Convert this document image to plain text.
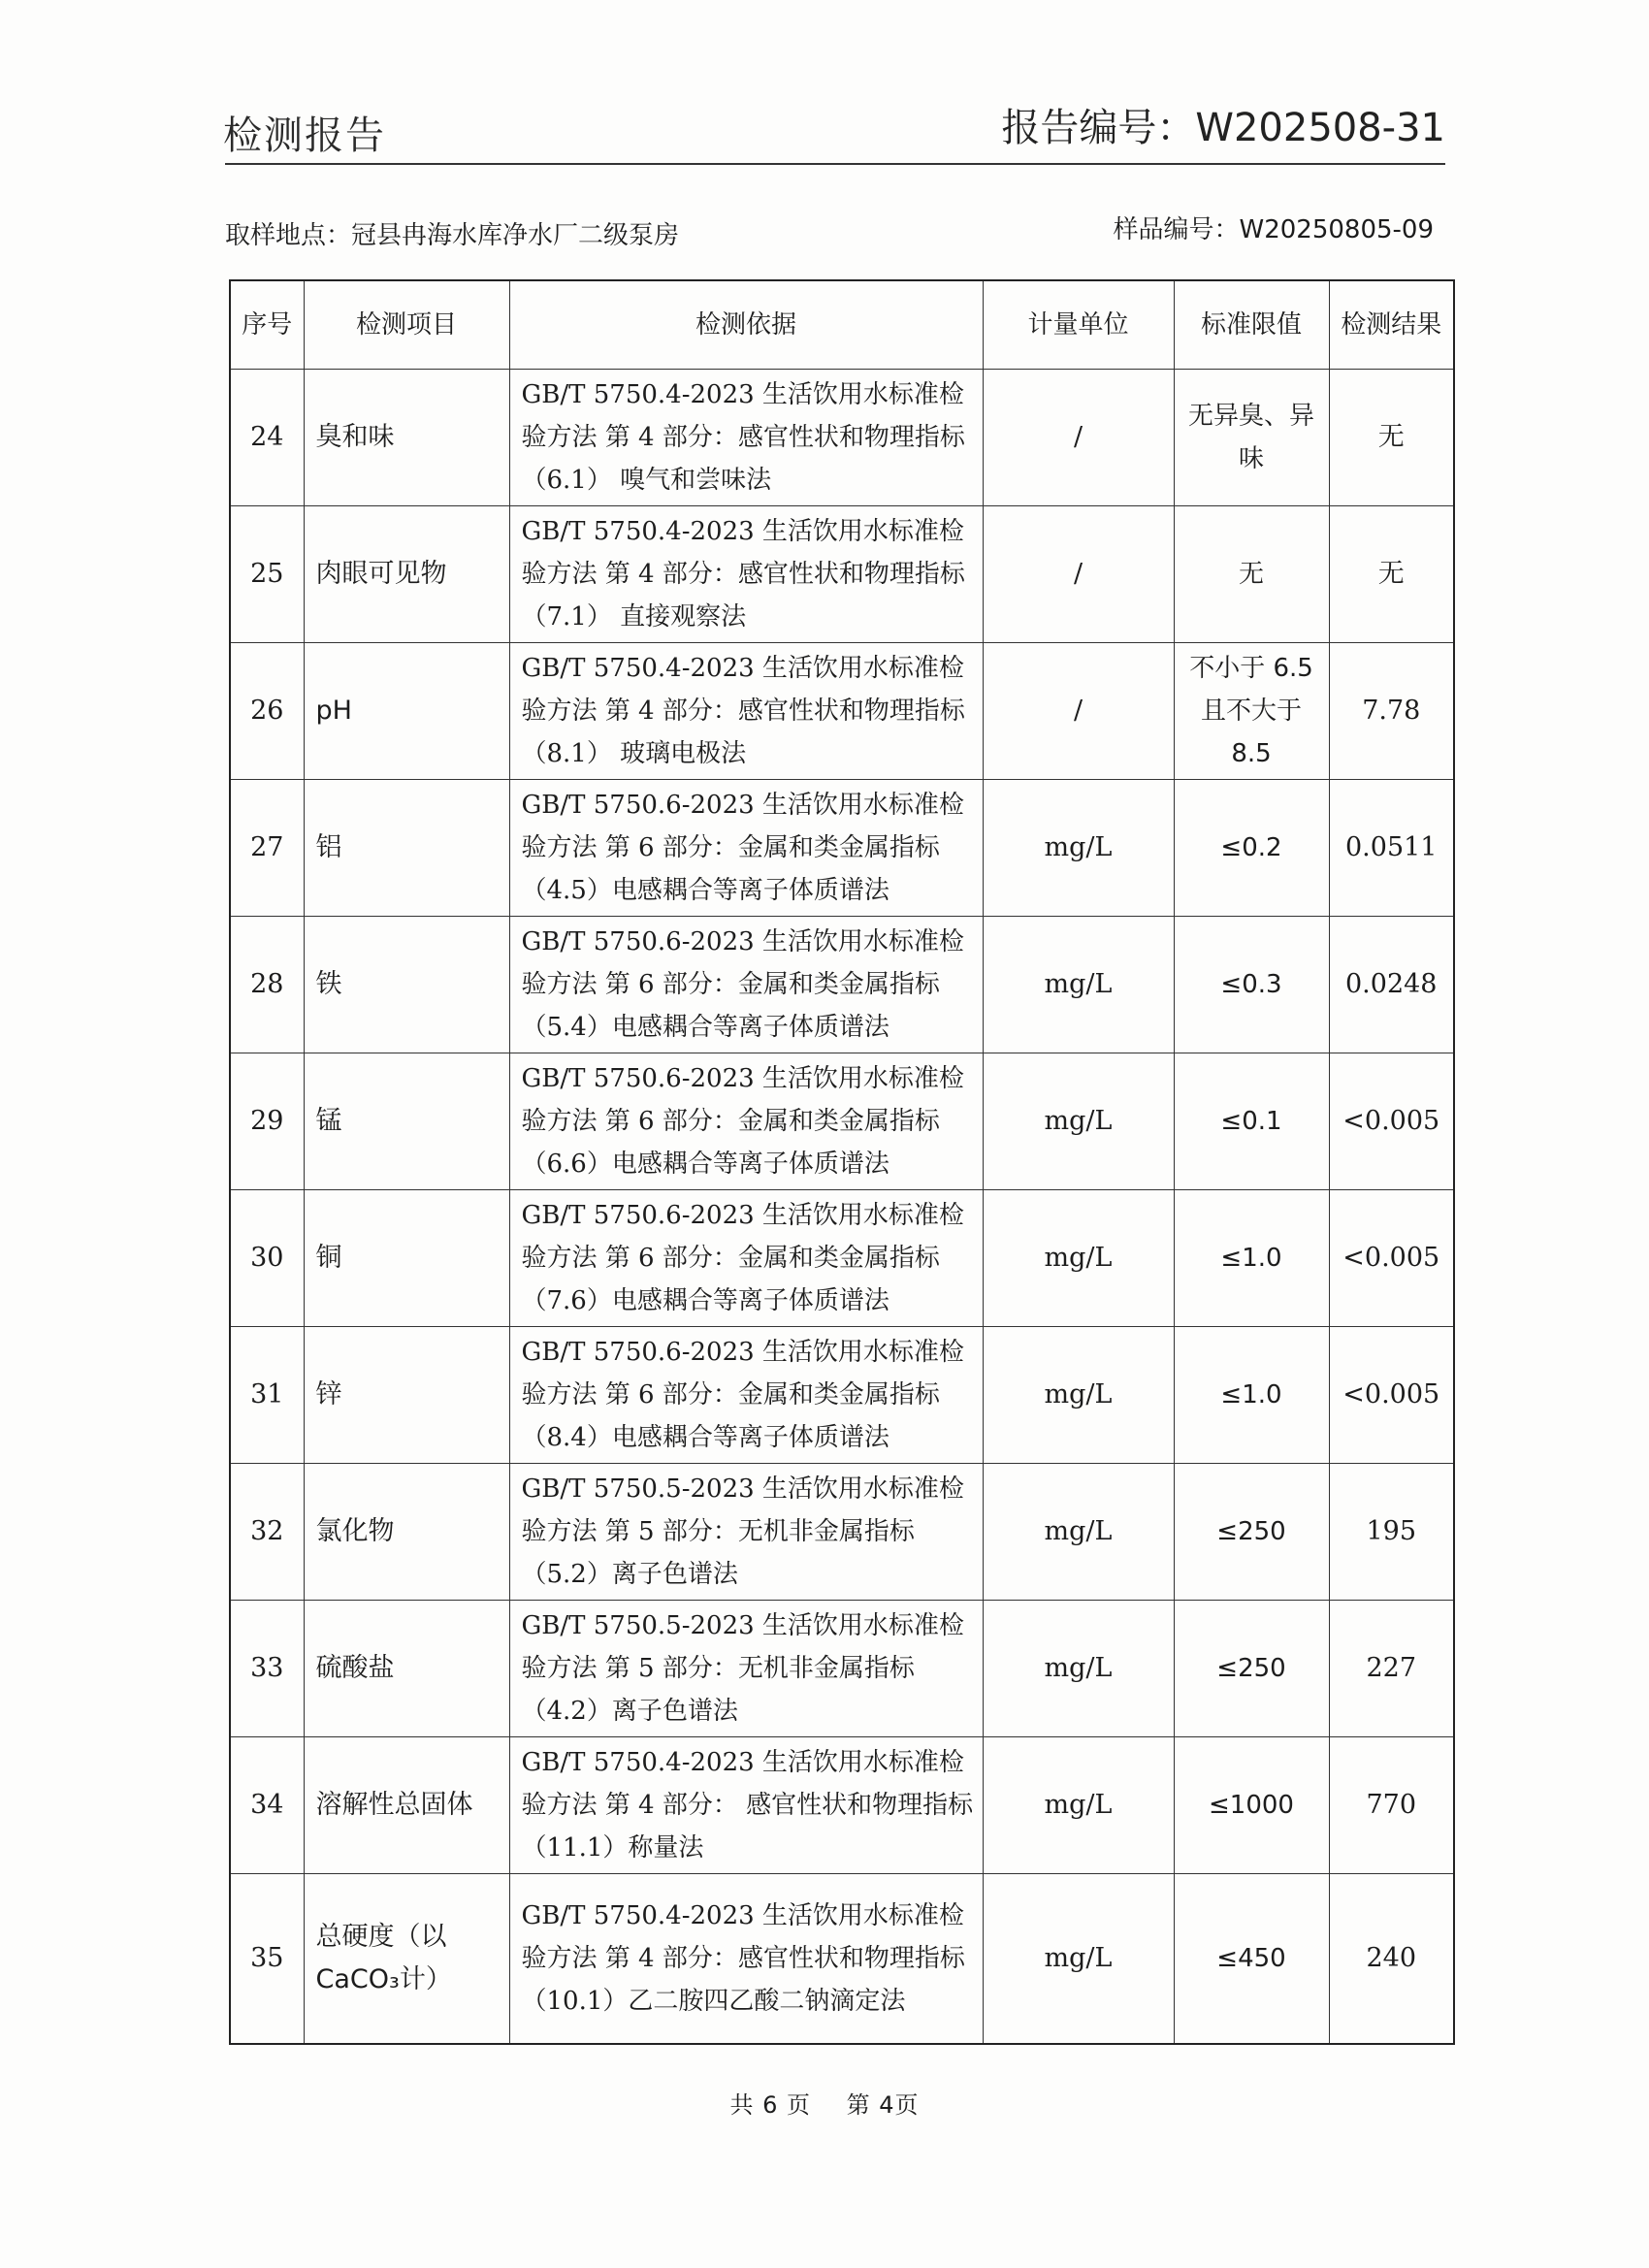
检测报告	报告编号：W202508-31
取样地点：冠县冉海水库净水厂二级泵房	样品编号：W20250805-09
序号	检测项目	检测依据	计量单位	标准限值	检测结果
24	臭和味	GB/T 5750.4-2023 生活饮用水标准检验方法 第 4 部分：感官性状和物理指标（6.1） 嗅气和尝味法	/	无异臭、异味	无
25	肉眼可见物	GB/T 5750.4-2023 生活饮用水标准检验方法 第 4 部分：感官性状和物理指标（7.1） 直接观察法	/	无	无
26	pH	GB/T 5750.4-2023 生活饮用水标准检验方法 第 4 部分：感官性状和物理指标（8.1） 玻璃电极法	/	不小于 6.5 且不大于 8.5	7.78
27	铝	GB/T 5750.6-2023 生活饮用水标准检验方法 第 6 部分：金属和类金属指标（4.5）电感耦合等离子体质谱法	mg/L	≤0.2	0.0511
28	铁	GB/T 5750.6-2023 生活饮用水标准检验方法 第 6 部分：金属和类金属指标（5.4）电感耦合等离子体质谱法	mg/L	≤0.3	0.0248
29	锰	GB/T 5750.6-2023 生活饮用水标准检验方法 第 6 部分：金属和类金属指标（6.6）电感耦合等离子体质谱法	mg/L	≤0.1	<0.005
30	铜	GB/T 5750.6-2023 生活饮用水标准检验方法 第 6 部分：金属和类金属指标（7.6）电感耦合等离子体质谱法	mg/L	≤1.0	<0.005
31	锌	GB/T 5750.6-2023 生活饮用水标准检验方法 第 6 部分：金属和类金属指标（8.4）电感耦合等离子体质谱法	mg/L	≤1.0	<0.005
32	氯化物	GB/T 5750.5-2023 生活饮用水标准检验方法 第 5 部分：无机非金属指标（5.2）离子色谱法	mg/L	≤250	195
33	硫酸盐	GB/T 5750.5-2023 生活饮用水标准检验方法 第 5 部分：无机非金属指标（4.2）离子色谱法	mg/L	≤250	227
34	溶解性总固体	GB/T 5750.4-2023 生活饮用水标准检验方法 第 4 部分： 感官性状和物理指标（11.1）称量法	mg/L	≤1000	770
35	总硬度（以CaCO₃计）	GB/T 5750.4-2023 生活饮用水标准检验方法 第 4 部分：感官性状和物理指标 （10.1）乙二胺四乙酸二钠滴定法	mg/L	≤450	240
共 6 页 第 4页
